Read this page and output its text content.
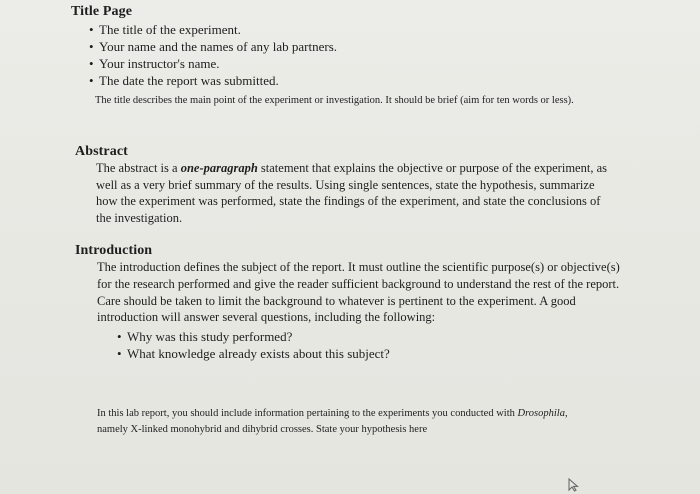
Title Page
• The title of the experiment.
• Your name and the names of any lab partners.
• Your instructor's name.
• The date the report was submitted.

The title describes the main point of the experiment or investigation. It should be brief (aim for ten words or less).

Abstract

The abstract is a one-paragraph statement that explains the objective or purpose of the experiment, as well as a very brief summary of the results. Using single sentences, state the hypothesis, summarize how the experiment was performed, state the findings of the experiment, and state the conclusions of the investigation.

Introduction

The introduction defines the subject of the report. It must outline the scientific purpose(s) or objective(s) for the research performed and give the reader sufficient background to understand the rest of the report. Care should be taken to limit the background to whatever is pertinent to the experiment. A good introduction will answer several questions, including the following:

• Why was this study performed?
• What knowledge already exists about this subject?

In this lab report, you should include information pertaining to the experiments you conducted with Drosophila, namely X-linked monohybrid and dihybrid crosses. State your hypothesis here
